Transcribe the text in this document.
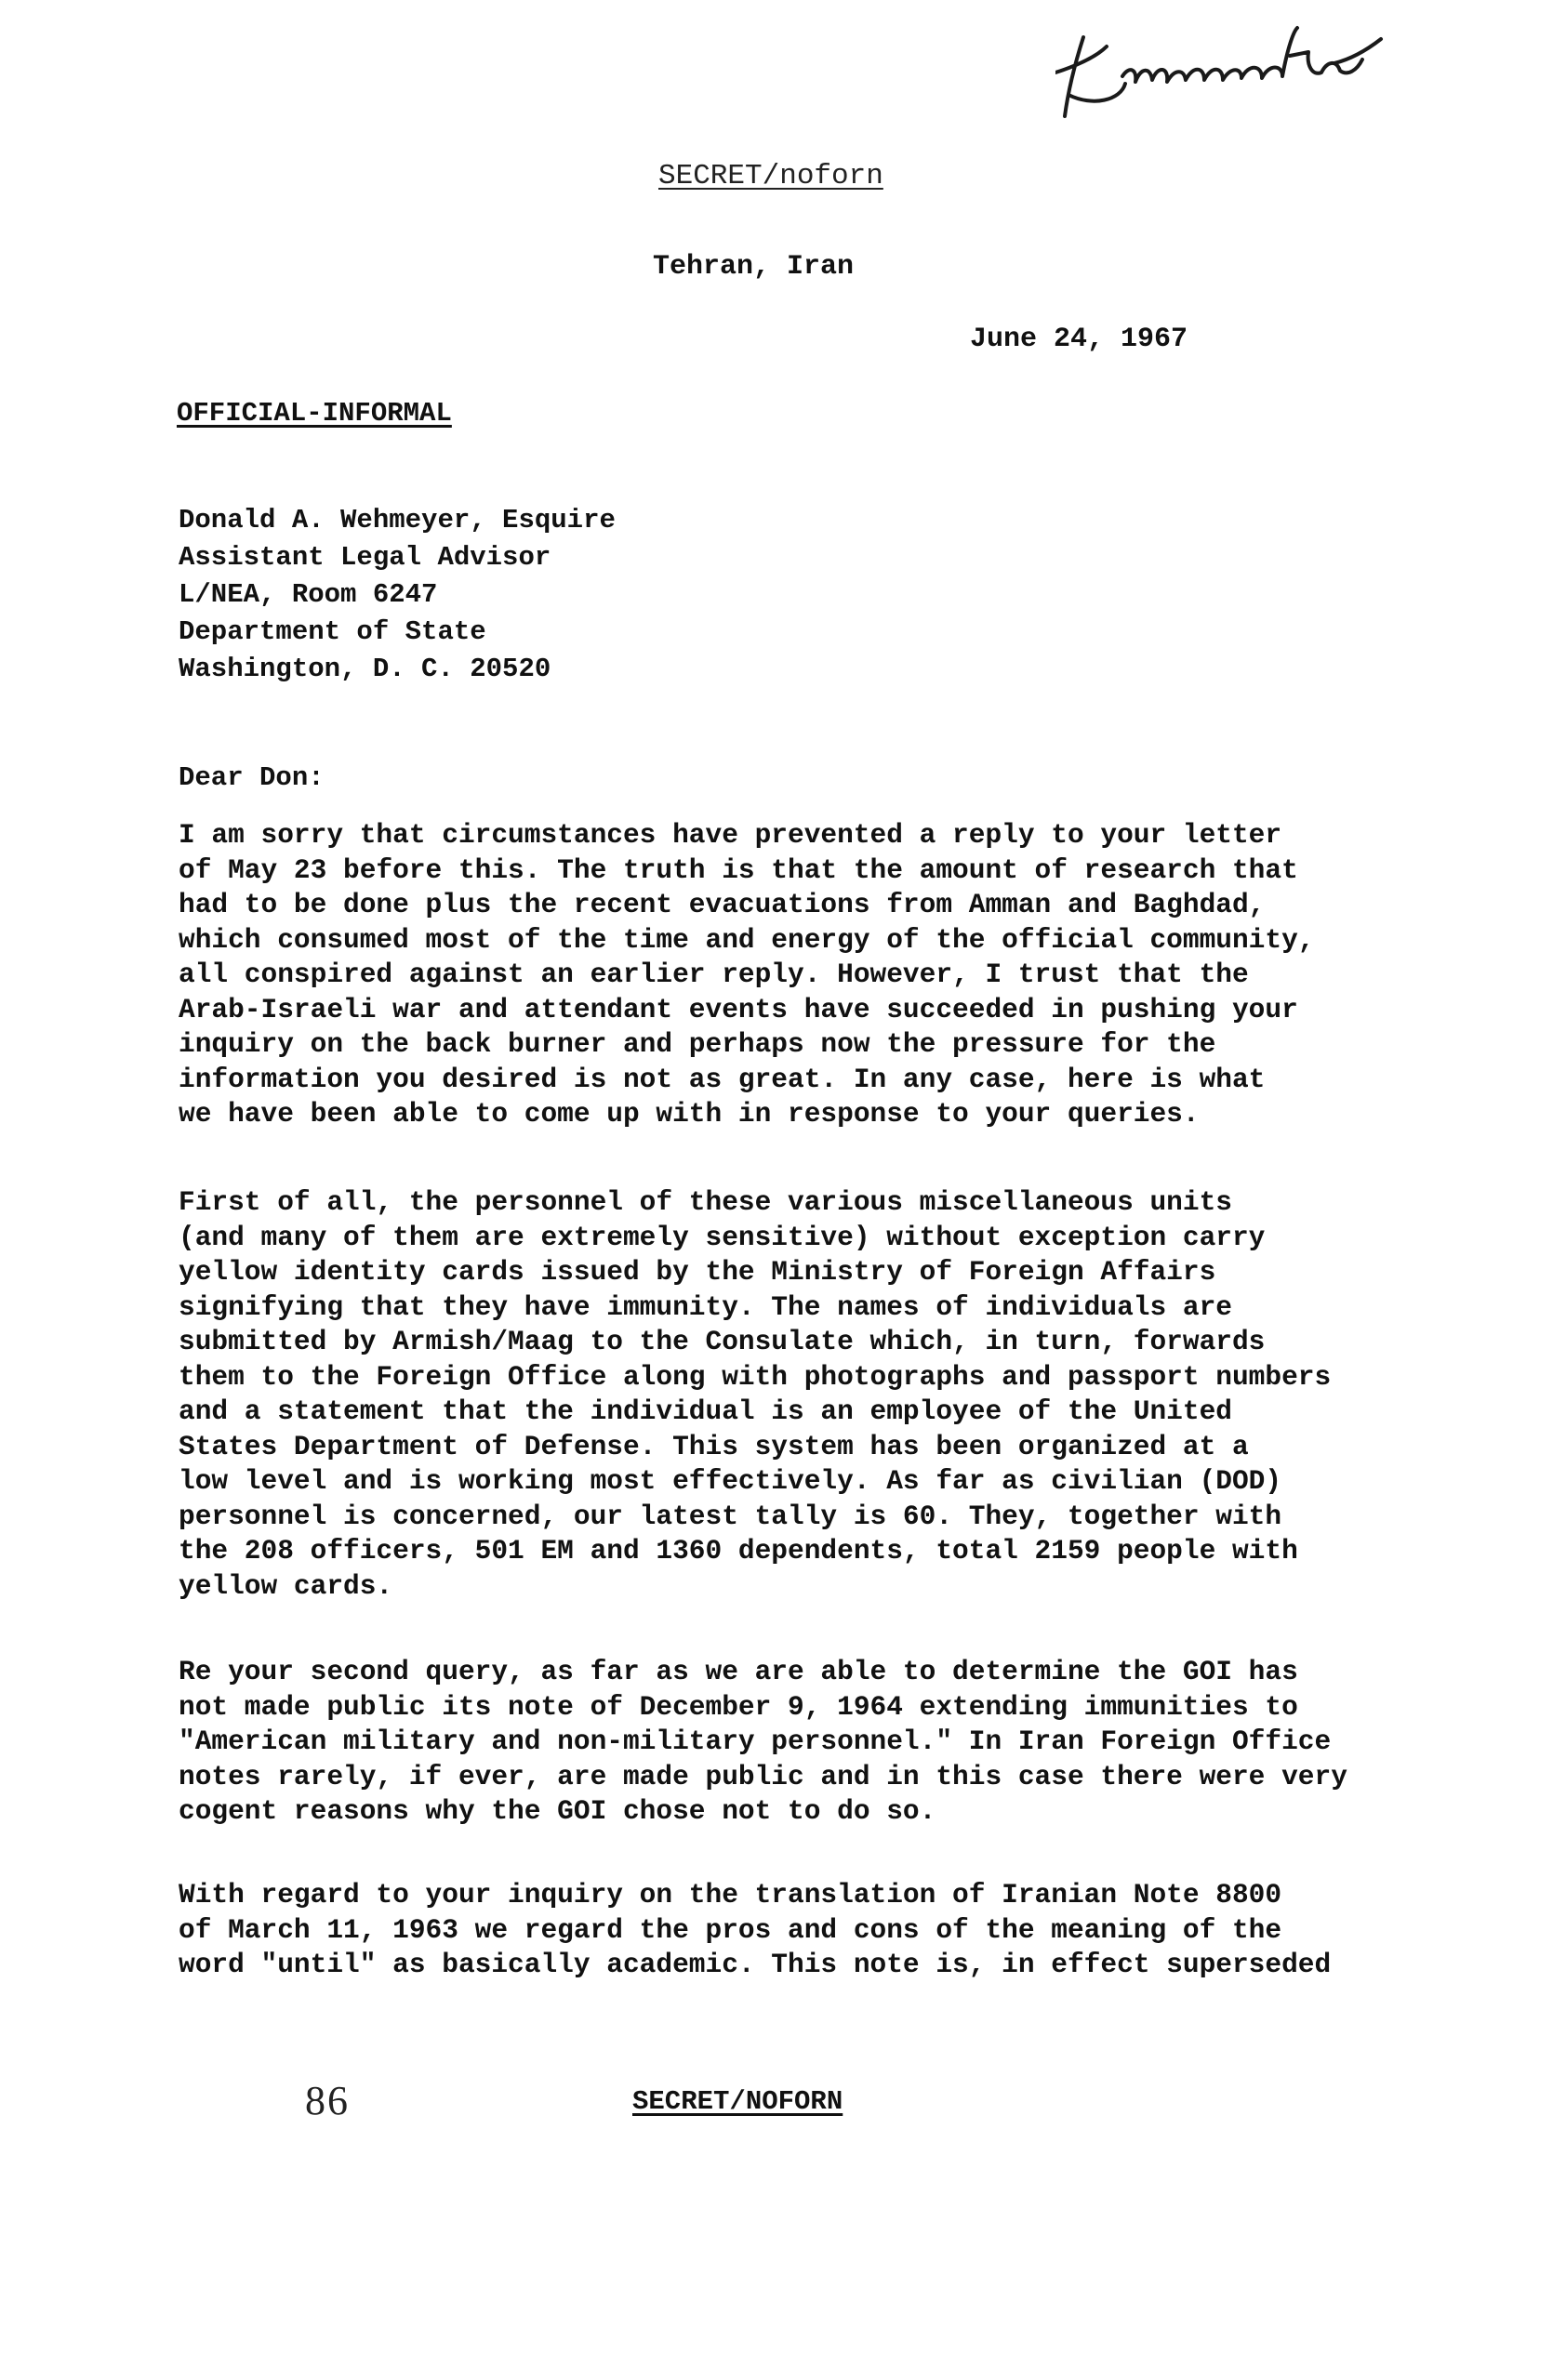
SECRET/noforn
Tehran, Iran
June 24, 1967
OFFICIAL-INFORMAL
Donald A. Wehmeyer, Esquire
Assistant Legal Advisor
L/NEA, Room 6247
Department of State
Washington, D. C. 20520
Dear Don:
I am sorry that circumstances have prevented a reply to your letter
of May 23 before this. The truth is that the amount of research that
had to be done plus the recent evacuations from Amman and Baghdad,
which consumed most of the time and energy of the official community,
all conspired against an earlier reply. However, I trust that the
Arab-Israeli war and attendant events have succeeded in pushing your
inquiry on the back burner and perhaps now the pressure for the
information you desired is not as great. In any case, here is what
we have been able to come up with in response to your queries.
First of all, the personnel of these various miscellaneous units
(and many of them are extremely sensitive) without exception carry
yellow identity cards issued by the Ministry of Foreign Affairs
signifying that they have immunity. The names of individuals are
submitted by Armish/Maag to the Consulate which, in turn, forwards
them to the Foreign Office along with photographs and passport numbers
and a statement that the individual is an employee of the United
States Department of Defense. This system has been organized at a
low level and is working most effectively. As far as civilian (DOD)
personnel is concerned, our latest tally is 60. They, together with
the 208 officers, 501 EM and 1360 dependents, total 2159 people with
yellow cards.
Re your second query, as far as we are able to determine the GOI has
not made public its note of December 9, 1964 extending immunities to
"American military and non-military personnel." In Iran Foreign Office
notes rarely, if ever, are made public and in this case there were very
cogent reasons why the GOI chose not to do so.
With regard to your inquiry on the translation of Iranian Note 8800
of March 11, 1963 we regard the pros and cons of the meaning of the
word "until" as basically academic. This note is, in effect superseded
86	SECRET/NOFORN
